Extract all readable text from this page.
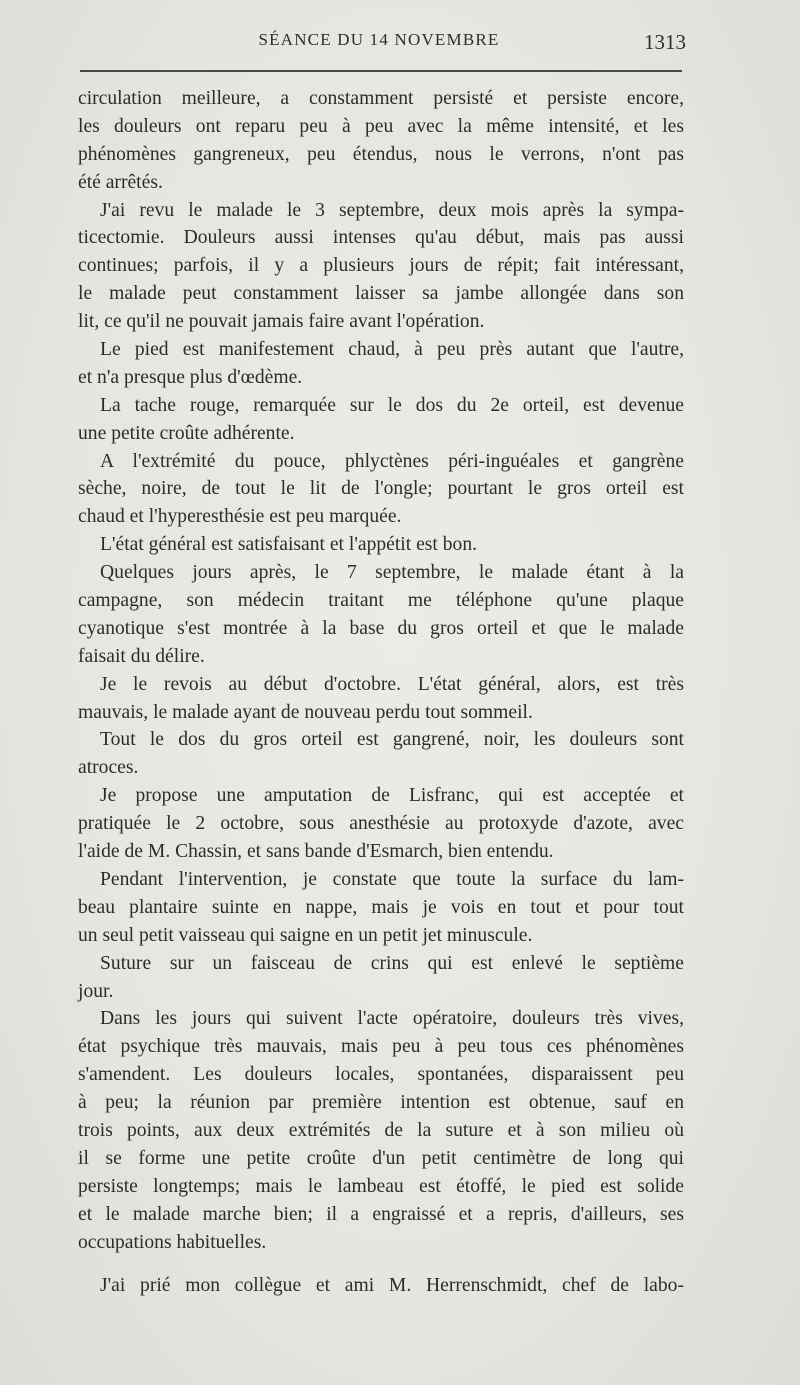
SÉANCE DU 14 NOVEMBRE	1313
circulation meilleure, a constamment persisté et persiste encore,
les douleurs ont reparu peu à peu avec la même intensité, et les
phénomènes gangreneux, peu étendus, nous le verrons, n'ont pas
été arrêtés.
J'ai revu le malade le 3 septembre, deux mois après la sympa-
ticectomie. Douleurs aussi intenses qu'au début, mais pas aussi
continues; parfois, il y a plusieurs jours de répit; fait intéressant,
le malade peut constamment laisser sa jambe allongée dans son
lit, ce qu'il ne pouvait jamais faire avant l'opération.
Le pied est manifestement chaud, à peu près autant que l'autre,
et n'a presque plus d'œdème.
La tache rouge, remarquée sur le dos du 2e orteil, est devenue
une petite croûte adhérente.
A l'extrémité du pouce, phlyctènes péri-inguéales et gangrène
sèche, noire, de tout le lit de l'ongle; pourtant le gros orteil est
chaud et l'hyperesthésie est peu marquée.
L'état général est satisfaisant et l'appétit est bon.
Quelques jours après, le 7 septembre, le malade étant à la
campagne, son médecin traitant me téléphone qu'une plaque
cyanotique s'est montrée à la base du gros orteil et que le malade
faisait du délire.
Je le revois au début d'octobre. L'état général, alors, est très
mauvais, le malade ayant de nouveau perdu tout sommeil.
Tout le dos du gros orteil est gangrené, noir, les douleurs sont
atroces.
Je propose une amputation de Lisfranc, qui est acceptée et
pratiquée le 2 octobre, sous anesthésie au protoxyde d'azote, avec
l'aide de M. Chassin, et sans bande d'Esmarch, bien entendu.
Pendant l'intervention, je constate que toute la surface du lam-
beau plantaire suinte en nappe, mais je vois en tout et pour tout
un seul petit vaisseau qui saigne en un petit jet minuscule.
Suture sur un faisceau de crins qui est enlevé le septième
jour.
Dans les jours qui suivent l'acte opératoire, douleurs très vives,
état psychique très mauvais, mais peu à peu tous ces phénomènes
s'amendent. Les douleurs locales, spontanées, disparaissent peu
à peu; la réunion par première intention est obtenue, sauf en
trois points, aux deux extrémités de la suture et à son milieu où
il se forme une petite croûte d'un petit centimètre de long qui
persiste longtemps; mais le lambeau est étoffé, le pied est solide
et le malade marche bien; il a engraissé et a repris, d'ailleurs, ses
occupations habituelles.
J'ai prié mon collègue et ami M. Herrenschmidt, chef de labo-
